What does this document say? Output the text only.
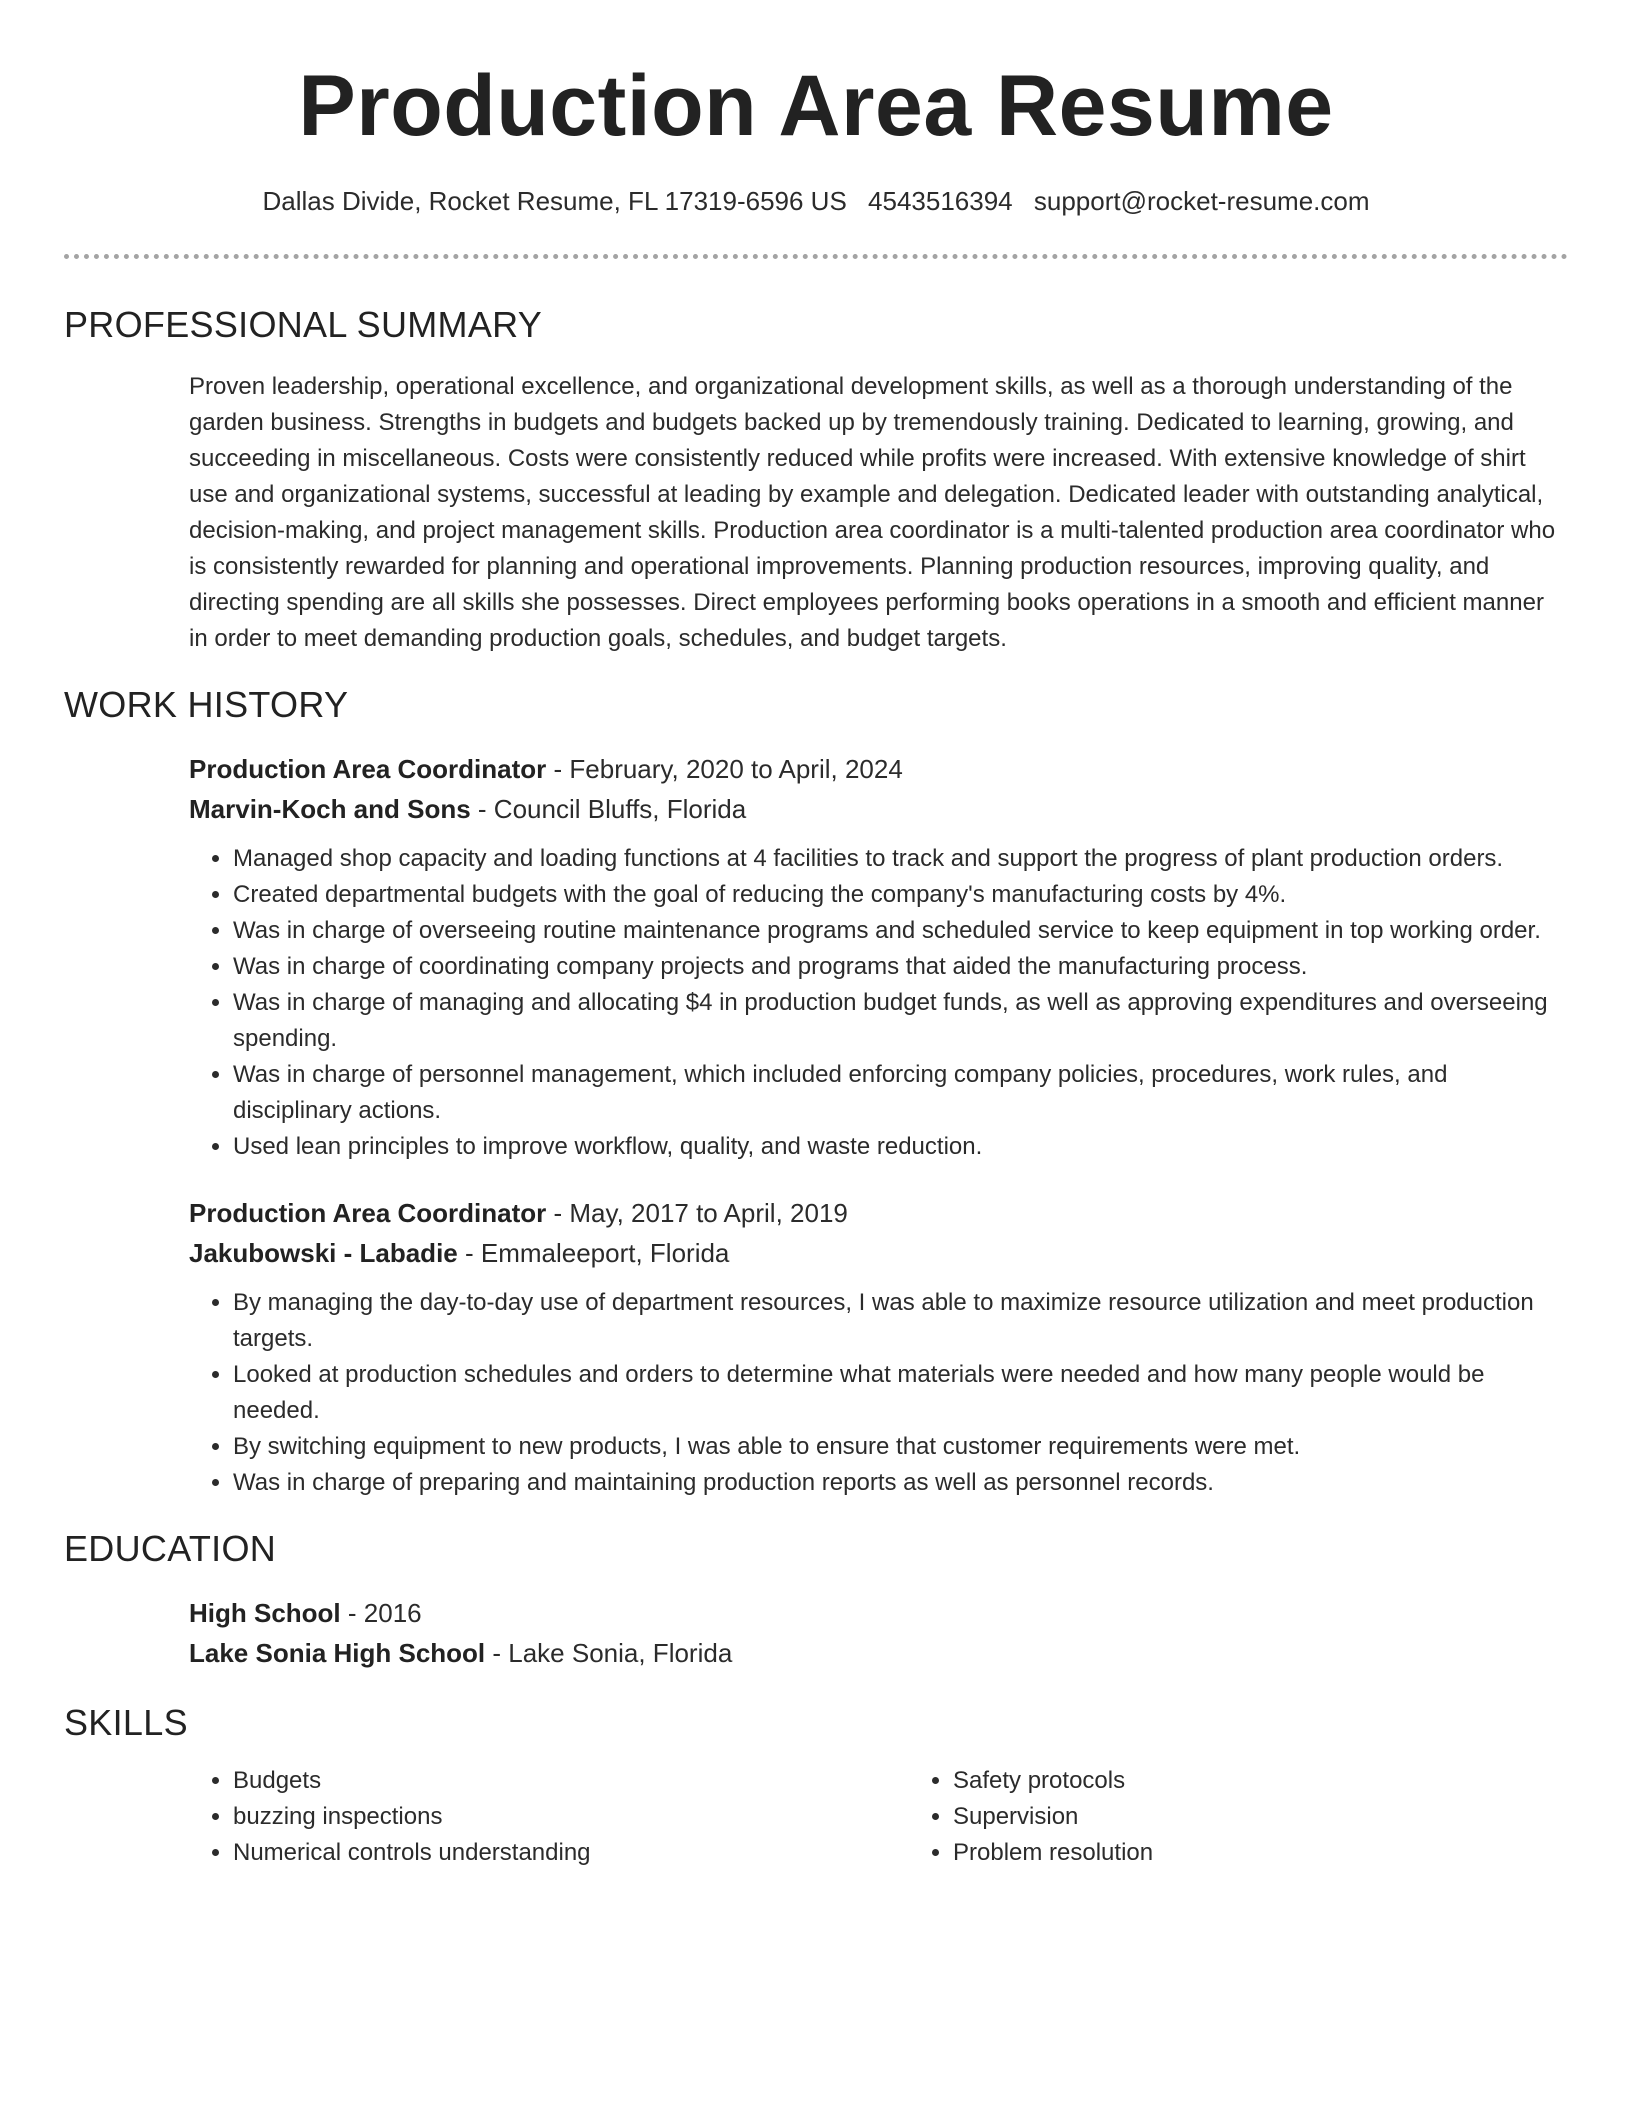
Production Area Resume
Dallas Divide, Rocket Resume, FL 17319-6596 US 4543516394 support@rocket-resume.com
PROFESSIONAL SUMMARY

Proven leadership, operational excellence, and organizational development skills, as well as a thorough understanding of the garden business. Strengths in budgets and budgets backed up by tremendously training. Dedicated to learning, growing, and succeeding in miscellaneous. Costs were consistently reduced while profits were increased. With extensive knowledge of shirt use and organizational systems, successful at leading by example and delegation. Dedicated leader with outstanding analytical, decision-making, and project management skills. Production area coordinator is a multi-talented production area coordinator who is consistently rewarded for planning and operational improvements. Planning production resources, improving quality, and directing spending are all skills she possesses. Direct employees performing books operations in a smooth and efficient manner in order to meet demanding production goals, schedules, and budget targets.

WORK HISTORY
Production Area Coordinator - February, 2020 to April, 2024
Marvin-Koch and Sons - Council Bluffs, Florida
• Managed shop capacity and loading functions at 4 facilities to track and support the progress of plant production orders.
• Created departmental budgets with the goal of reducing the company's manufacturing costs by 4%.
• Was in charge of overseeing routine maintenance programs and scheduled service to keep equipment in top working order.
• Was in charge of coordinating company projects and programs that aided the manufacturing process.
• Was in charge of managing and allocating $4 in production budget funds, as well as approving expenditures and overseeing spending.
• Was in charge of personnel management, which included enforcing company policies, procedures, work rules, and disciplinary actions.
• Used lean principles to improve workflow, quality, and waste reduction.
Production Area Coordinator - May, 2017 to April, 2019
Jakubowski - Labadie - Emmaleeport, Florida
• By managing the day-to-day use of department resources, I was able to maximize resource utilization and meet production targets.
• Looked at production schedules and orders to determine what materials were needed and how many people would be needed.
• By switching equipment to new products, I was able to ensure that customer requirements were met.
• Was in charge of preparing and maintaining production reports as well as personnel records.
EDUCATION
High School - 2016
Lake Sonia High School - Lake Sonia, Florida
SKILLS
• Budgets
• buzzing inspections
• Numerical controls understanding
• Safety protocols
• Supervision
• Problem resolution
